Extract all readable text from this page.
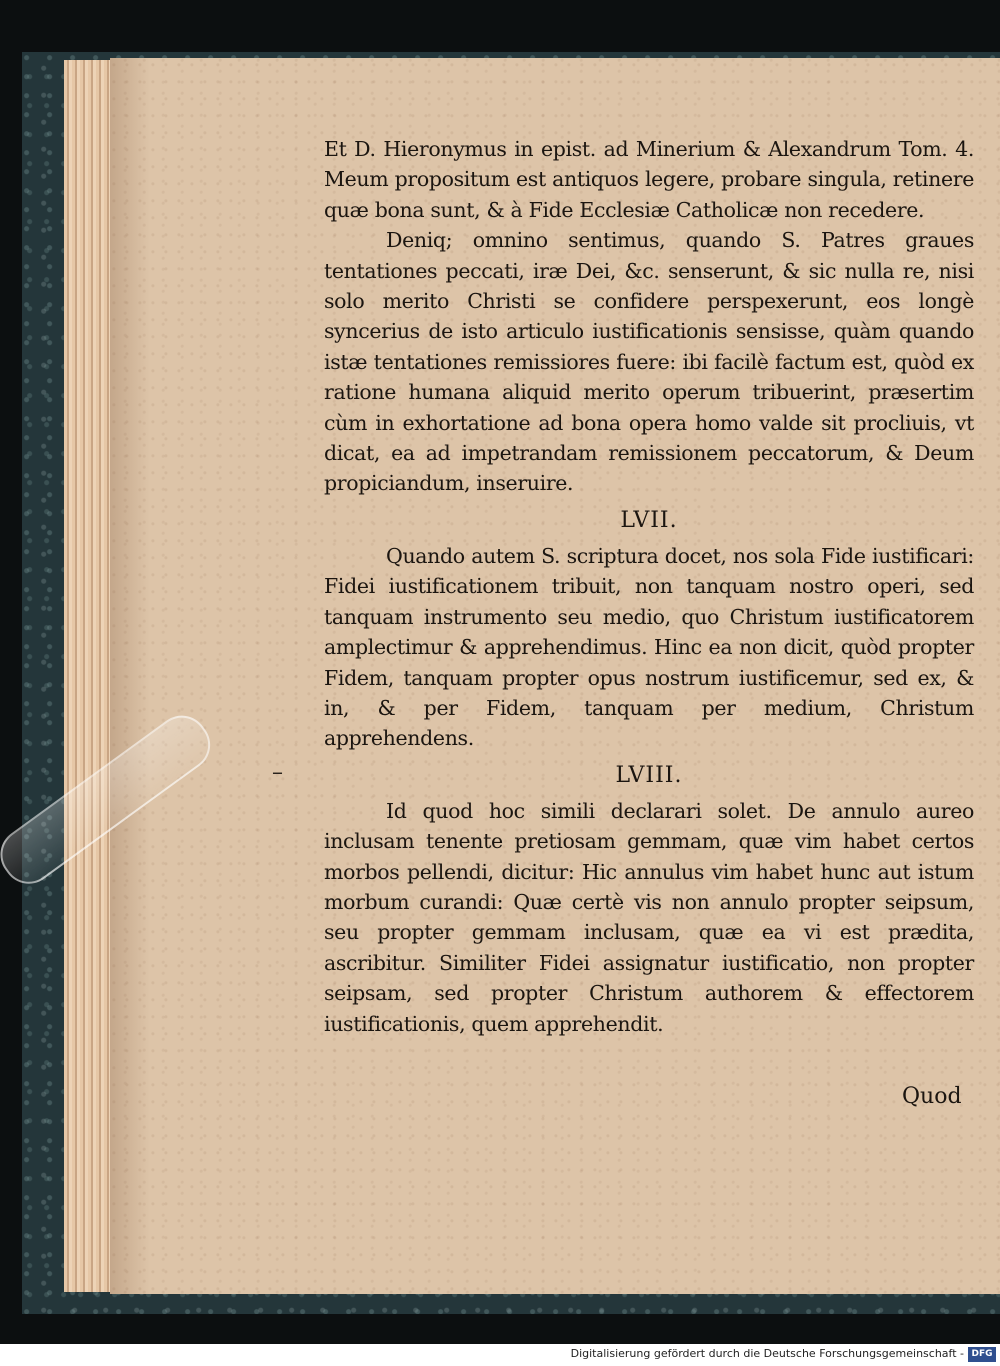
Et D. Hieronymus in epist. ad Minerium & Alexandrum Tom. 4. Meum propositum est antiquos legere, probare singula, retinere quæ bona sunt, & à Fide Ecclesiæ Catholicæ non recedere.

Deniq; omnino sentimus, quando S. Patres graues tentationes peccati, iræ Dei, &c. senserunt, & sic nulla re, nisi solo merito Christi se confidere perspexerunt, eos longè syncerius de isto articulo iustificationis sensisse, quàm quando istæ tentationes remissiores fuere: ibi facilè factum est, quòd ex ratione humana aliquid merito operum tribuerint, præsertim cùm in exhortatione ad bona opera homo valde sit procliuis, vt dicat, ea ad impetrandam remissionem peccatorum, & Deum propiciandum, inseruire.

LVII.

Quando autem S. scriptura docet, nos sola Fide iustificari: Fidei iustificationem tribuit, non tanquam nostro operi, sed tanquam instrumento seu medio, quo Christum iustificatorem amplectimur & apprehendimus. Hinc ea non dicit, quòd propter Fidem, tanquam propter opus nostrum iustificemur, sed ex, & in, & per Fidem, tanquam per medium, Christum apprehendens.

LVIII.

Id quod hoc simili declarari solet. De annulo aureo inclusam tenente pretiosam gemmam, quæ vim habet certos morbos pellendi, dicitur: Hic annulus vim habet hunc aut istum morbum curandi: Quæ certè vis non annulo propter seipsum, seu propter gemmam inclusam, quæ ea vi est prædita, ascribitur. Similiter Fidei assignatur iustificatio, non propter seipsam, sed propter Christum authorem & effectorem iustificationis, quem apprehendit.

Quod
–
Digitalisierung gefördert durch die Deutsche Forschungsgemeinschaft - DFG
